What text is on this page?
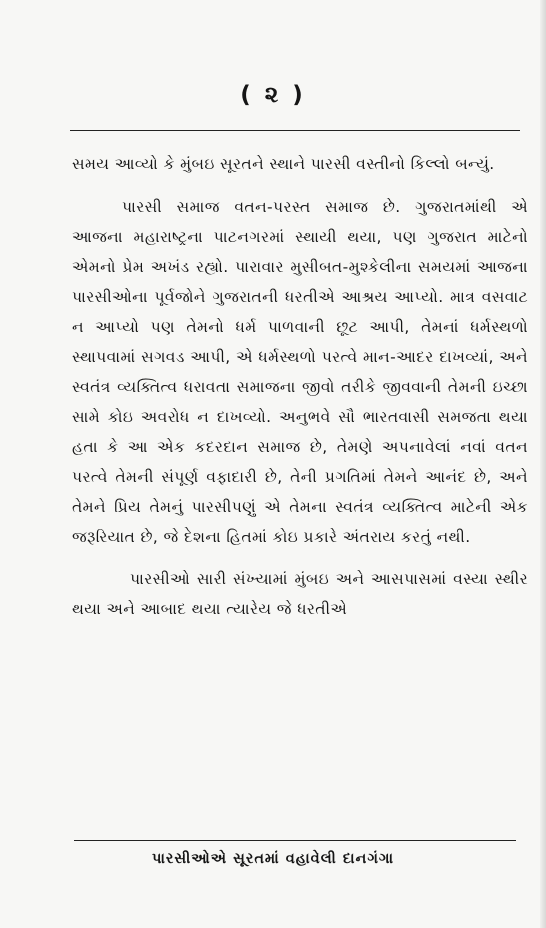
( ૨ )

સમય આવ્યો કે મુંબઇ સૂરતને સ્થાને પારસી વસ્તીનો કિલ્લો બન્યું.

પારસી સમાજ વતન-પરસ્ત સમાજ છે. ગુજરાતમાંથી એ આજના મહારાષ્ટ્રના પાટનગરમાં સ્થાયી થયા, પણ ગુજરાત માટેનો એમનો પ્રેમ અખંડ રહ્યો. પારાવાર મુસીબત-મુશ્કેલીના સમયમાં આજના પારસીઓના પૂર્વજોને ગુજરાતની ધરતીએ આશ્રય આપ્યો. માત્ર વસવાટ ન આપ્યો પણ તેમનો ધર્મ પાળવાની છૂટ આપી, તેમનાં ધર્મસ્થળો સ્થાપવામાં સગવડ આપી, એ ધર્મસ્થળો પરત્વે માન-આદર દાખવ્યાં, અને સ્વતંત્ર વ્યક્તિત્વ ધરાવતા સમાજના જીવો તરીકે જીવવાની તેમની ઇચ્છા સામે કોઇ અવરોધ ન દાખવ્યો. અનુભવે સૌ ભારતવાસી સમજતા થયા હતા કે આ એક કદરદાન સમાજ છે, તેમણે અપનાવેલાં નવાં વતન પરત્વે તેમની સંપૂર્ણ વફાદારી છે, તેની પ્રગતિમાં તેમને આનંદ છે, અને તેમને પ્રિય તેમનું પારસીપણું એ તેમના સ્વતંત્ર વ્યક્તિત્વ માટેની એક જરૂરિયાત છે, જે દેશના હિતમાં કોઇ પ્રકારે અંતરાય કરતું નથી.

પારસીઓ સારી સંખ્યામાં મુંબઇ અને આસપાસમાં વસ્યા સ્થીર થયા અને આબાદ થયા ત્યારેય જે ધરતીએ

પારસીઓએ સૂરતમાં વહાવેલી દાનગંગા
